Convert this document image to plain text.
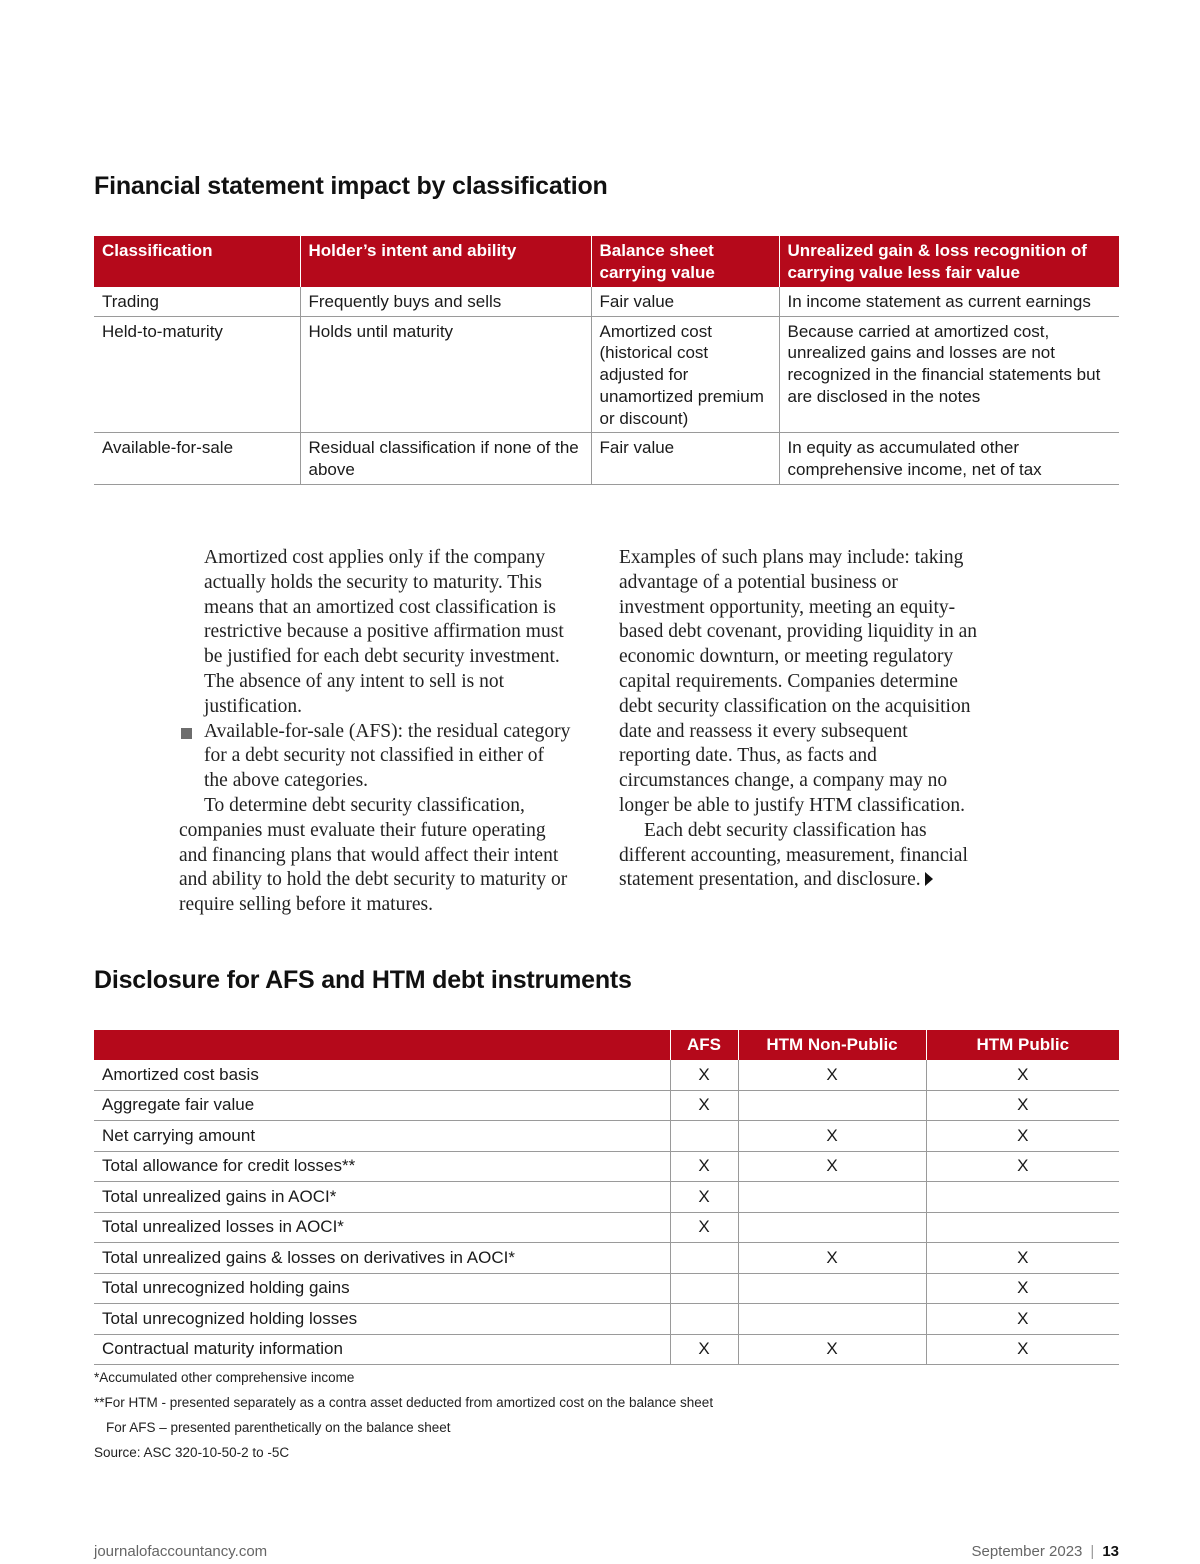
Financial statement impact by classification
Classification	Holder’s intent and ability	Balance sheet carrying value	Unrealized gain & loss recognition of carrying value less fair value
Trading	Frequently buys and sells	Fair value	In income statement as current earnings
Held-to-maturity	Holds until maturity	Amortized cost (historical cost adjusted for unamortized premium or discount)	Because carried at amortized cost, unrealized gains and losses are not recognized in the financial statements but are disclosed in the notes
Available-for-sale	Residual classification if none of the above	Fair value	In equity as accumulated other comprehensive income, net of tax

Amortized cost applies only if the company actually holds the security to maturity. This means that an amortized cost classification is restrictive because a positive affirmation must be justified for each debt security investment. The absence of any intent to sell is not justification.

Available-for-sale (AFS): the residual category for a debt security not classified in either of the above categories.

To determine debt security classification, companies must evaluate their future operating and financing plans that would affect their intent and ability to hold the debt security to maturity or require selling before it matures.

Examples of such plans may include: taking advantage of a potential business or investment opportunity, meeting an equity-based debt covenant, providing liquidity in an economic downturn, or meeting regulatory capital requirements. Companies determine debt security classification on the acquisition date and reassess it every subsequent reporting date. Thus, as facts and circumstances change, a company may no longer be able to justify HTM classification.

Each debt security classification has different accounting, measurement, financial statement presentation, and disclosure.

Disclosure for AFS and HTM debt instruments
	AFS	HTM Non-Public	HTM Public
Amortized cost basis	X	X	X
Aggregate fair value	X		X
Net carrying amount		X	X
Total allowance for credit losses**	X	X	X
Total unrealized gains in AOCI*	X		
Total unrealized losses in AOCI*	X		
Total unrealized gains & losses on derivatives in AOCI*		X	X
Total unrecognized holding gains			X
Total unrecognized holding losses			X
Contractual maturity information	X	X	X

*Accumulated other comprehensive income

**For HTM - presented separately as a contra asset deducted from amortized cost on the balance sheet

For AFS – presented parenthetically on the balance sheet

Source: ASC 320-10-50-2 to -5C

journalofaccountancy.com	September 2023 | 13
